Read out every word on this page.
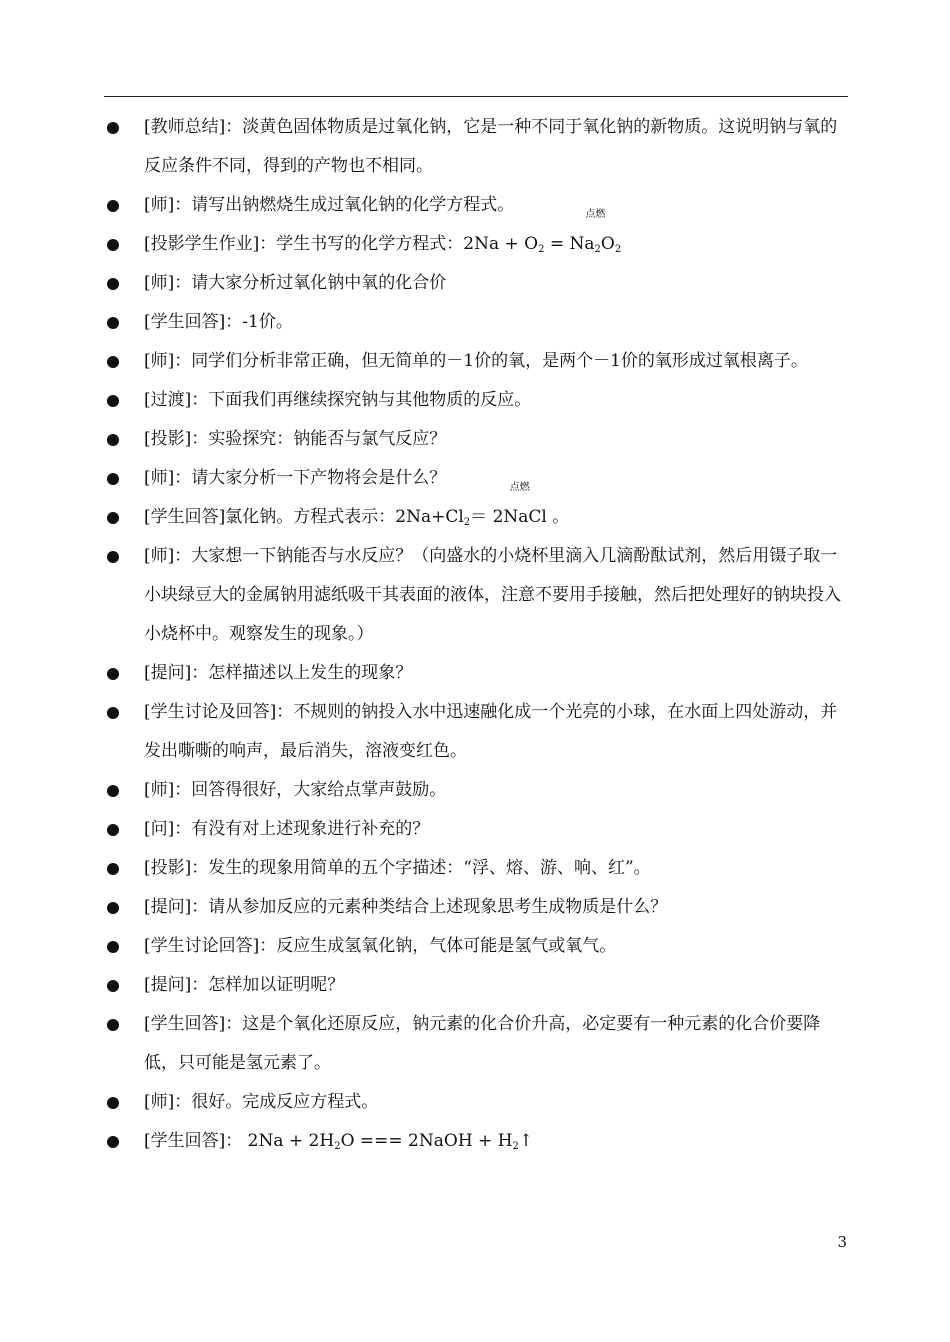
[教师总结]：淡黄色固体物质是过氧化钠，它是一种不同于氧化钠的新物质。这说明钠与氧的反应条件不同，得到的产物也不相同。
[师]：请写出钠燃烧生成过氧化钠的化学方程式。
[投影学生作业]：学生书写的化学方程式：$2Na + O_2$ =
点燃
$Na_2O_2$
[师]：请大家分析过氧化钠中氧的化合价
[学生回答]：-1价。
[师]：同学们分析非常正确，但无简单的－1价的氧，是两个－1价的氧形成过氧根离子。
[过渡]：下面我们再继续探究钠与其他物质的反应。
[投影]：实验探究：钠能否与氯气反应？
[师]：请大家分析一下产物将会是什么？
[学生回答]氯化钠。方程式表示：$2Na+Cl_2=$
点燃
2NaCl 。
[师]：大家想一下钠能否与水反应？（向盛水的小烧杯里滴入几滴酚酞试剂，然后用镊子取一小块绿豆大的金属钠用滤纸吸干其表面的液体，注意不要用手接触，然后把处理好的钠块投入小烧杯中。观察发生的现象。）
[提问]：怎样描述以上发生的现象？
[学生讨论及回答]：不规则的钠投入水中迅速融化成一个光亮的小球，在水面上四处游动，并发出嘶嘶的响声，最后消失，溶液变红色。
[师]：回答得很好，大家给点掌声鼓励。
[问]：有没有对上述现象进行补充的？
[投影]：发生的现象用简单的五个字描述：“浮、熔、游、响、红”。
[提问]：请从参加反应的元素种类结合上述现象思考生成物质是什么？
[学生讨论回答]：反应生成氢氧化钠，气体可能是氢气或氧气。
[提问]：怎样加以证明呢？
[学生回答]：这是个氧化还原反应，钠元素的化合价升高，必定要有一种元素的化合价要降低，只可能是氢元素了。
[师]：很好。完成反应方程式。
[学生回答]： $2Na + 2H_2O$ === 2NaOH + $H_2↑$
3
